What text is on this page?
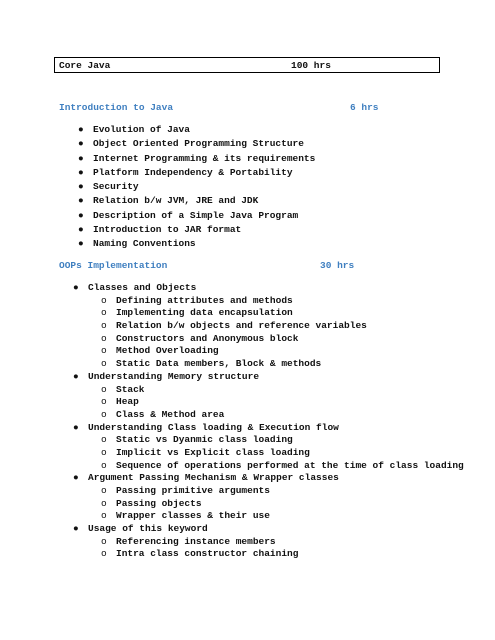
Core Java	100 hrs
Introduction to Java	6 hrs
● Evolution of Java
● Object Oriented Programming Structure
● Internet Programming & its requirements
● Platform Independency & Portability
● Security
● Relation b/w JVM, JRE and JDK
● Description of a Simple Java Program
● Introduction to JAR format
● Naming Conventions
OOPs Implementation	30 hrs
● Classes and Objects
o Defining attributes and methods
o Implementing data encapsulation
o Relation b/w objects and reference variables
o Constructors and Anonymous block
o Method Overloading
o Static Data members, Block & methods
● Understanding Memory structure
o Stack
o Heap
o Class & Method area
● Understanding Class loading & Execution flow
o Static vs Dyanmic class loading
o Implicit vs Explicit class loading
o Sequence of operations performed at the time of class loading
● Argument Passing Mechanism & Wrapper classes
o Passing primitive arguments
o Passing objects
o Wrapper classes & their use
● Usage of this keyword
o Referencing instance members
o Intra class constructor chaining
